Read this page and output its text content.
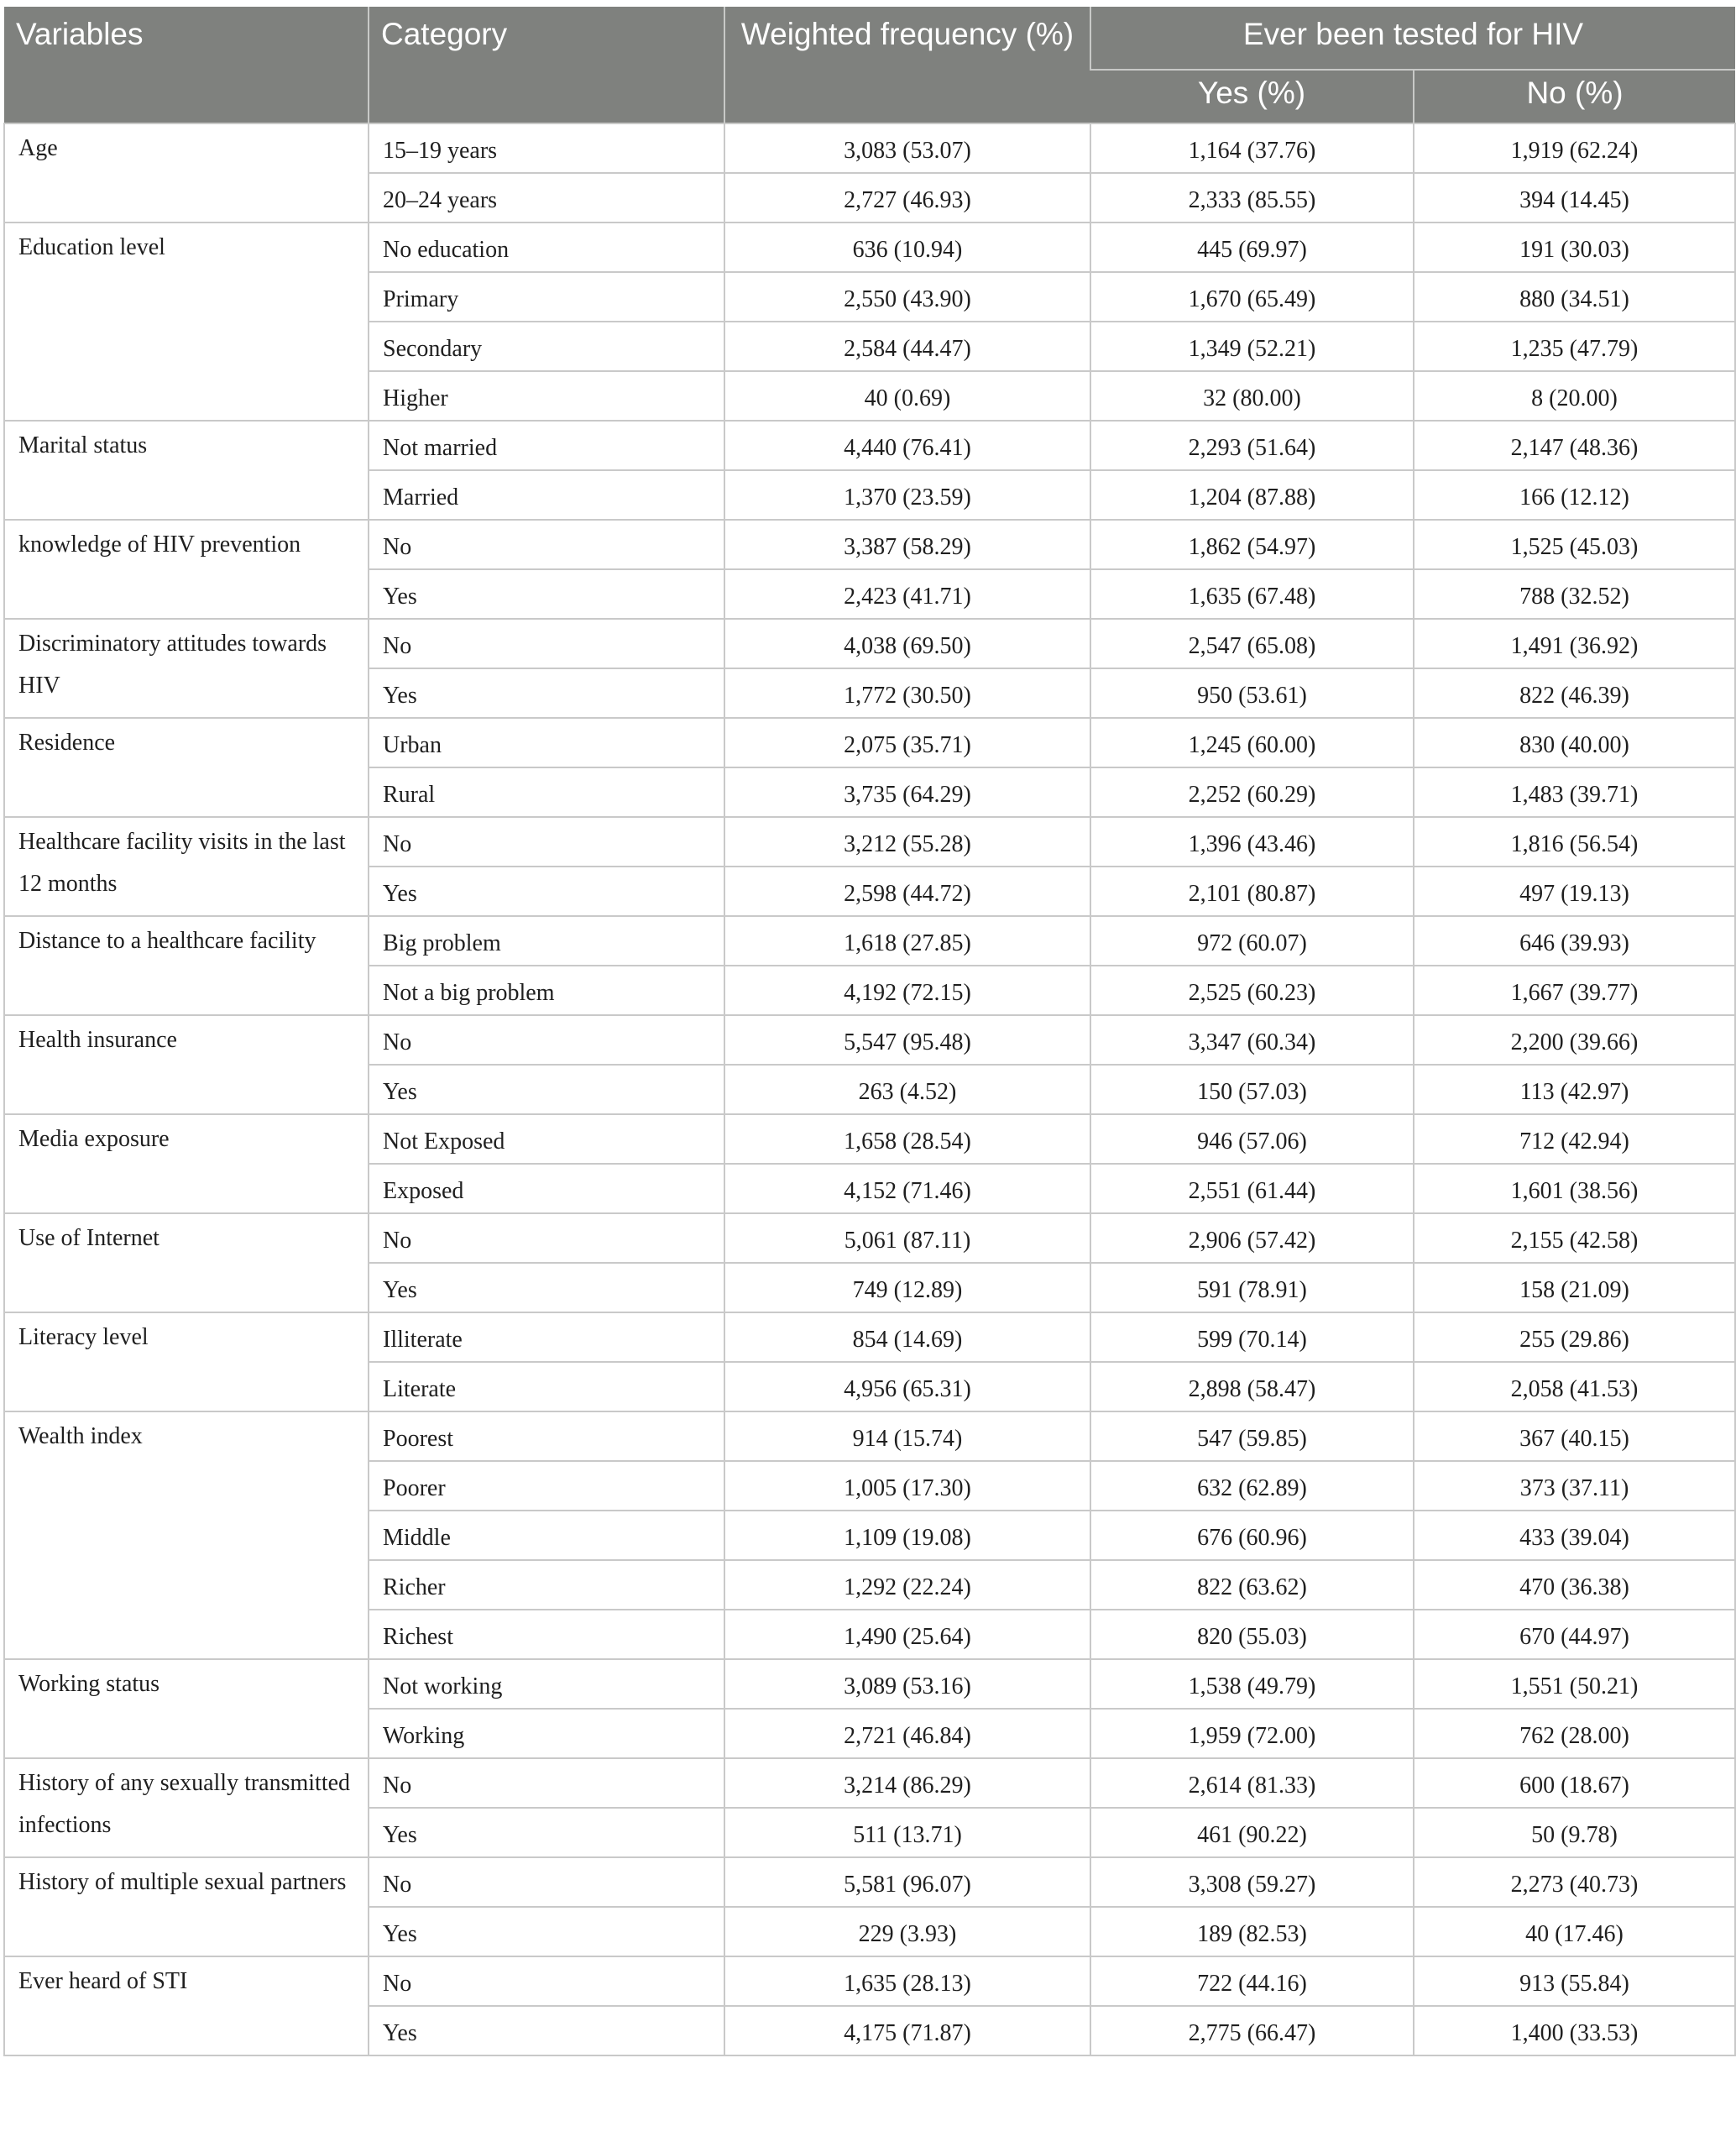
Variables	Category	Weighted frequency (%)	Ever been tested for HIV	
			Yes (%)	No (%)
Age	15–19 years	3,083 (53.07)	1,164 (37.76)	1,919 (62.24)
	20–24 years	2,727 (46.93)	2,333 (85.55)	394 (14.45)
Education level	No education	636 (10.94)	445 (69.97)	191 (30.03)
	Primary	2,550 (43.90)	1,670 (65.49)	880 (34.51)
	Secondary	2,584 (44.47)	1,349 (52.21)	1,235 (47.79)
	Higher	40 (0.69)	32 (80.00)	8 (20.00)
Marital status	Not married	4,440 (76.41)	2,293 (51.64)	2,147 (48.36)
	Married	1,370 (23.59)	1,204 (87.88)	166 (12.12)
knowledge of HIV prevention	No	3,387 (58.29)	1,862 (54.97)	1,525 (45.03)
	Yes	2,423 (41.71)	1,635 (67.48)	788 (32.52)
Discriminatory attitudes towards HIV	No	4,038 (69.50)	2,547 (65.08)	1,491 (36.92)
	Yes	1,772 (30.50)	950 (53.61)	822 (46.39)
Residence	Urban	2,075 (35.71)	1,245 (60.00)	830 (40.00)
	Rural	3,735 (64.29)	2,252 (60.29)	1,483 (39.71)
Healthcare facility visits in the last 12 months	No	3,212 (55.28)	1,396 (43.46)	1,816 (56.54)
	Yes	2,598 (44.72)	2,101 (80.87)	497 (19.13)
Distance to a healthcare facility	Big problem	1,618 (27.85)	972 (60.07)	646 (39.93)
	Not a big problem	4,192 (72.15)	2,525 (60.23)	1,667 (39.77)
Health insurance	No	5,547 (95.48)	3,347 (60.34)	2,200 (39.66)
	Yes	263 (4.52)	150 (57.03)	113 (42.97)
Media exposure	Not Exposed	1,658 (28.54)	946 (57.06)	712 (42.94)
	Exposed	4,152 (71.46)	2,551 (61.44)	1,601 (38.56)
Use of Internet	No	5,061 (87.11)	2,906 (57.42)	2,155 (42.58)
	Yes	749 (12.89)	591 (78.91)	158 (21.09)
Literacy level	Illiterate	854 (14.69)	599 (70.14)	255 (29.86)
	Literate	4,956 (65.31)	2,898 (58.47)	2,058 (41.53)
Wealth index	Poorest	914 (15.74)	547 (59.85)	367 (40.15)
	Poorer	1,005 (17.30)	632 (62.89)	373 (37.11)
	Middle	1,109 (19.08)	676 (60.96)	433 (39.04)
	Richer	1,292 (22.24)	822 (63.62)	470 (36.38)
	Richest	1,490 (25.64)	820 (55.03)	670 (44.97)
Working status	Not working	3,089 (53.16)	1,538 (49.79)	1,551 (50.21)
	Working	2,721 (46.84)	1,959 (72.00)	762 (28.00)
History of any sexually transmitted infections	No	3,214 (86.29)	2,614 (81.33)	600 (18.67)
	Yes	511 (13.71)	461 (90.22)	50 (9.78)
History of multiple sexual partners	No	5,581 (96.07)	3,308 (59.27)	2,273 (40.73)
	Yes	229 (3.93)	189 (82.53)	40 (17.46)
Ever heard of STI	No	1,635 (28.13)	722 (44.16)	913 (55.84)
	Yes	4,175 (71.87)	2,775 (66.47)	1,400 (33.53)
